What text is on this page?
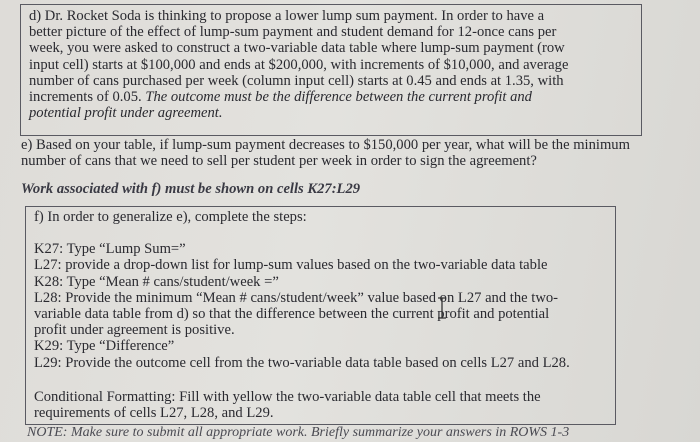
d) Dr. Rocket Soda is thinking to propose a lower lump sum payment. In order to have a

better picture of the effect of lump-sum payment and student demand for 12-once cans per

week, you were asked to construct a two-variable data table where lump-sum payment (row

input cell) starts at $100,000 and ends at $200,000, with increments of $10,000, and average

number of cans purchased per week (column input cell) starts at 0.45 and ends at 1.35, with

increments of 0.05. The outcome must be the difference between the current profit and

potential profit under agreement.

e) Based on your table, if lump-sum payment decreases to $150,000 per year, what will be the minimum

number of cans that we need to sell per student per week in order to sign the agreement?

Work associated with f) must be shown on cells K27:L29

f) In order to generalize e), complete the steps:

K27: Type “Lump Sum=”

L27: provide a drop-down list for lump-sum values based on the two-variable data table

K28: Type “Mean # cans/student/week =”

L28: Provide the minimum “Mean # cans/student/week” value based on L27 and the two-

variable data table from d) so that the difference between the current profit and potential

profit under agreement is positive.

K29: Type “Difference”

L29: Provide the outcome cell from the two-variable data table based on cells L27 and L28.

Conditional Formatting: Fill with yellow the two-variable data table cell that meets the

requirements of cells L27, L28, and L29.

NOTE: Make sure to submit all appropriate work. Briefly summarize your answers in ROWS 1-3
